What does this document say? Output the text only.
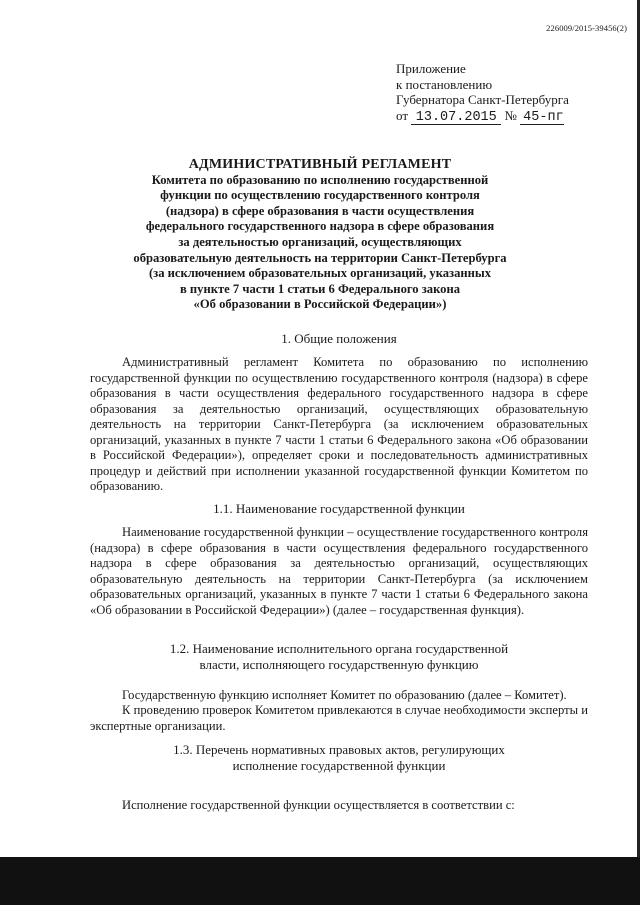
226009/2015-39456(2)
Приложение
к постановлению
Губернатора Санкт-Петербурга
от 13.07.2015 № 45-пг
АДМИНИСТРАТИВНЫЙ РЕГЛАМЕНТ
Комитета по образованию по исполнению государственной
функции по осуществлению государственного контроля
(надзора) в сфере образования в части осуществления
федерального государственного надзора в сфере образования
за деятельностью организаций, осуществляющих
образовательную деятельность на территории Санкт-Петербурга
(за исключением образовательных организаций, указанных
в пункте 7 части 1 статьи 6 Федерального закона
«Об образовании в Российской Федерации»)
1. Общие положения
Административный регламент Комитета по образованию по исполнению государственной функции по осуществлению государственного контроля (надзора) в сфере образования в части осуществления федерального государственного надзора в сфере образования за деятельностью организаций, осуществляющих образовательную деятельность на территории Санкт-Петербурга (за исключением образовательных организаций, указанных в пункте 7 части 1 статьи 6 Федерального закона «Об образовании в Российской Федерации»), определяет сроки и последовательность административных процедур и действий при исполнении указанной государственной функции Комитетом по образованию.
1.1. Наименование государственной функции
Наименование государственной функции – осуществление государственного контроля (надзора) в сфере образования в части осуществления федерального государственного надзора в сфере образования за деятельностью организаций, осуществляющих образовательную деятельность на территории Санкт-Петербурга (за исключением образовательных организаций, указанных в пункте 7 части 1 статьи 6 Федерального закона «Об образовании в Российской Федерации») (далее – государственная функция).
1.2. Наименование исполнительного органа государственной
власти, исполняющего государственную функцию
Государственную функцию исполняет Комитет по образованию (далее – Комитет).
К проведению проверок Комитетом привлекаются в случае необходимости эксперты и экспертные организации.
1.3. Перечень нормативных правовых актов, регулирующих
исполнение государственной функции
Исполнение государственной функции осуществляется в соответствии с:
